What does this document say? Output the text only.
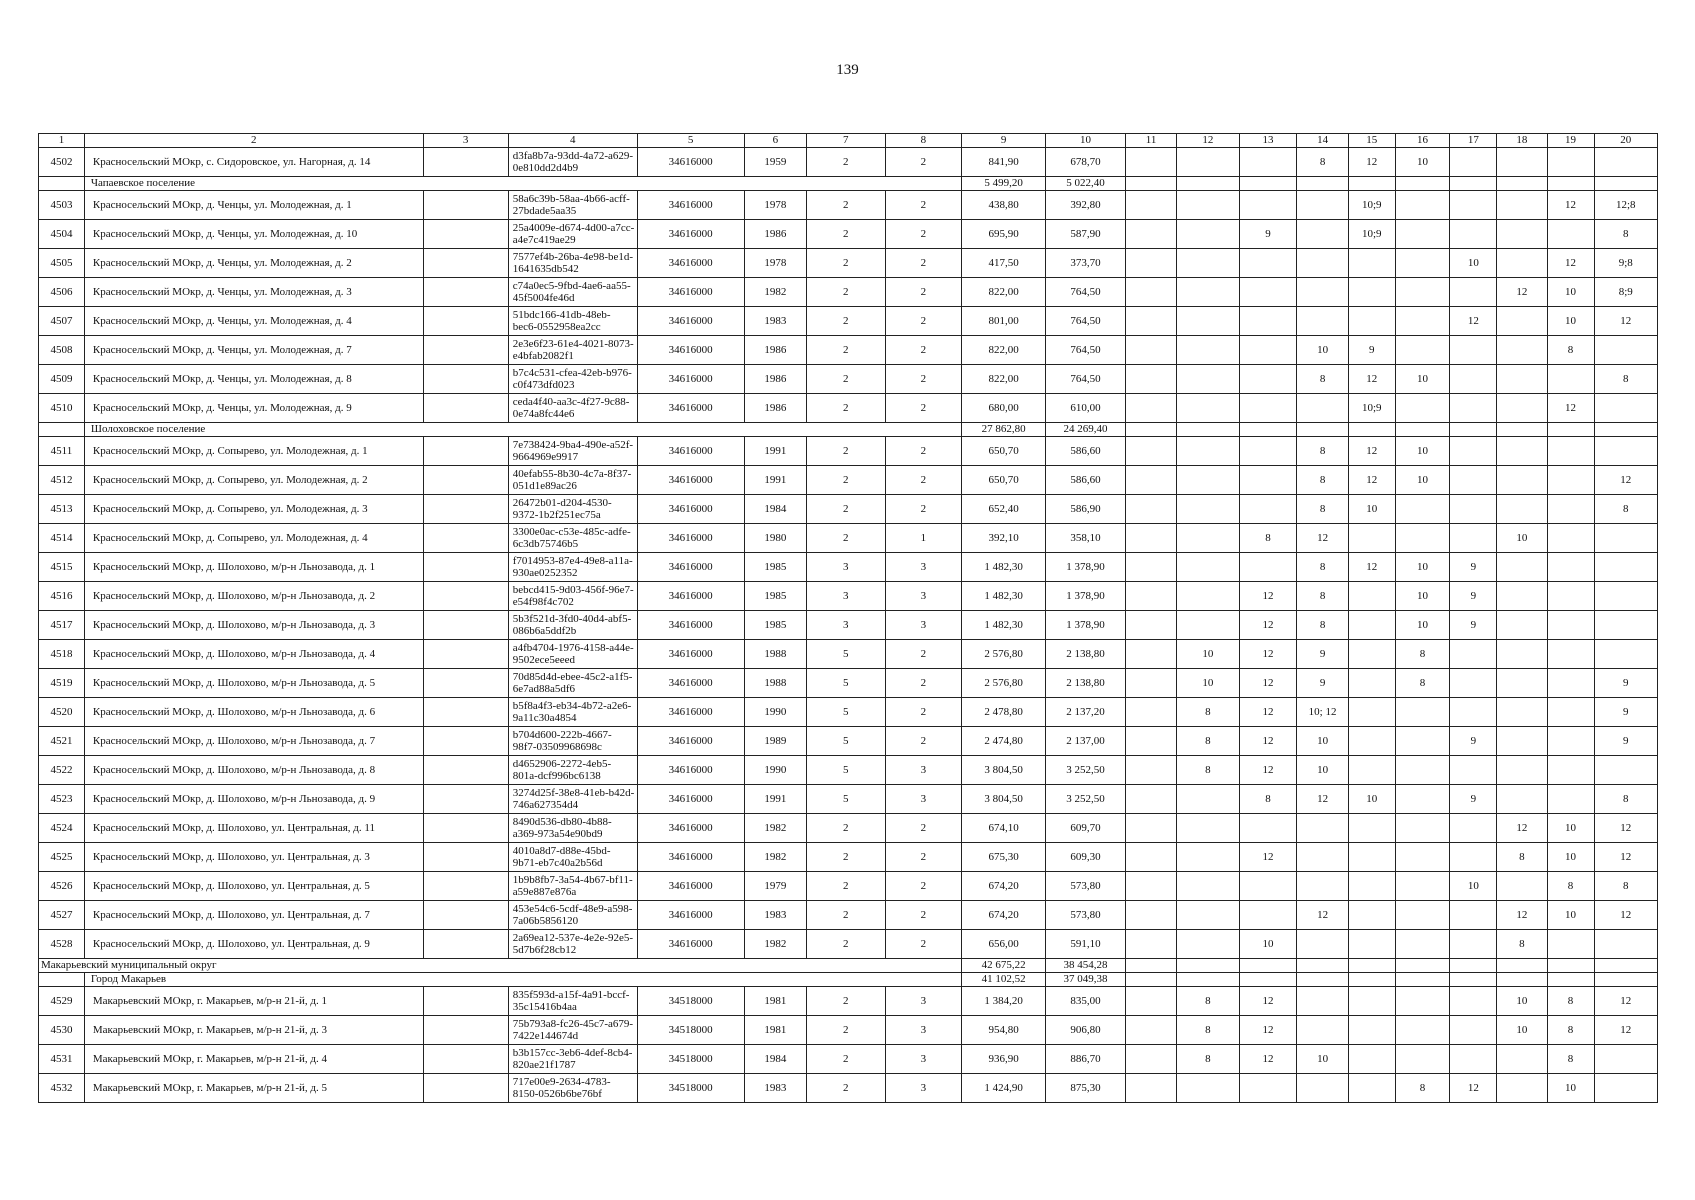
139
1	2	3	4	5	6	7	8	9	10	11	12	13	14	15	16	17	18	19	20
4502	Красносельский МОкр, с. Сидоровское, ул. Нагорная, д. 14		d3fa8b7a-93dd-4a72-a629-0e810dd2d4b9	34616000	1959	2	2	841,90	678,70				8	12	10				
	Чапаевское поселение							5 499,20	5 022,40										
4503	Красносельский МОкр, д. Ченцы, ул. Молодежная, д. 1		58a6c39b-58aa-4b66-acff-27bdade5aa35	34616000	1978	2	2	438,80	392,80					10;9				12	12;8
4504	Красносельский МОкр, д. Ченцы, ул. Молодежная, д. 10		25a4009e-d674-4d00-a7cc-a4e7c419ae29	34616000	1986	2	2	695,90	587,90			9		10;9					8
4505	Красносельский МОкр, д. Ченцы, ул. Молодежная, д. 2		7577ef4b-26ba-4e98-be1d-1641635db542	34616000	1978	2	2	417,50	373,70							10		12	9;8
4506	Красносельский МОкр, д. Ченцы, ул. Молодежная, д. 3		c74a0ec5-9fbd-4ae6-aa55-45f5004fe46d	34616000	1982	2	2	822,00	764,50								12	10	8;9
4507	Красносельский МОкр, д. Ченцы, ул. Молодежная, д. 4		51bdc166-41db-48eb-bec6-0552958ea2cc	34616000	1983	2	2	801,00	764,50							12		10	12
4508	Красносельский МОкр, д. Ченцы, ул. Молодежная, д. 7		2e3e6f23-61e4-4021-8073-e4bfab2082f1	34616000	1986	2	2	822,00	764,50				10	9				8	
4509	Красносельский МОкр, д. Ченцы, ул. Молодежная, д. 8		b7c4c531-cfea-42eb-b976-c0f473dfd023	34616000	1986	2	2	822,00	764,50				8	12	10				8
4510	Красносельский МОкр, д. Ченцы, ул. Молодежная, д. 9		ceda4f40-aa3c-4f27-9c88-0e74a8fc44e6	34616000	1986	2	2	680,00	610,00					10;9				12	
	Шолоховское поселение							27 862,80	24 269,40										
4511	Красносельский МОкр, д. Сопырево, ул. Молодежная, д. 1		7e738424-9ba4-490e-a52f-9664969e9917	34616000	1991	2	2	650,70	586,60				8	12	10				
4512	Красносельский МОкр, д. Сопырево, ул. Молодежная, д. 2		40efab55-8b30-4c7a-8f37-051d1e89ac26	34616000	1991	2	2	650,70	586,60				8	12	10				12
4513	Красносельский МОкр, д. Сопырево, ул. Молодежная, д. 3		26472b01-d204-4530-9372-1b2f251ec75a	34616000	1984	2	2	652,40	586,90				8	10					8
4514	Красносельский МОкр, д. Сопырево, ул. Молодежная, д. 4		3300e0ac-c53e-485c-adfe-6c3db75746b5	34616000	1980	2	1	392,10	358,10			8	12				10		
4515	Красносельский МОкр, д. Шолохово, м/р-н Льнозавода, д. 1		f7014953-87e4-49e8-a11a-930ae0252352	34616000	1985	3	3	1 482,30	1 378,90				8	12	10	9			
4516	Красносельский МОкр, д. Шолохово, м/р-н Льнозавода, д. 2		bebcd415-9d03-456f-96e7-e54f98f4c702	34616000	1985	3	3	1 482,30	1 378,90			12	8		10	9			
4517	Красносельский МОкр, д. Шолохово, м/р-н Льнозавода, д. 3		5b3f521d-3fd0-40d4-abf5-086b6a5ddf2b	34616000	1985	3	3	1 482,30	1 378,90			12	8		10	9			
4518	Красносельский МОкр, д. Шолохово, м/р-н Льнозавода, д. 4		a4fb4704-1976-4158-a44e-9502ece5eeed	34616000	1988	5	2	2 576,80	2 138,80		10	12	9		8				
4519	Красносельский МОкр, д. Шолохово, м/р-н Льнозавода, д. 5		70d85d4d-ebee-45c2-a1f5-6e7ad88a5df6	34616000	1988	5	2	2 576,80	2 138,80		10	12	9		8				9
4520	Красносельский МОкр, д. Шолохово, м/р-н Льнозавода, д. 6		b5f8a4f3-eb34-4b72-a2e6-9a11c30a4854	34616000	1990	5	2	2 478,80	2 137,20		8	12	10; 12						9
4521	Красносельский МОкр, д. Шолохово, м/р-н Льнозавода, д. 7		b704d600-222b-4667-98f7-03509968698c	34616000	1989	5	2	2 474,80	2 137,00		8	12	10			9			9
4522	Красносельский МОкр, д. Шолохово, м/р-н Льнозавода, д. 8		d4652906-2272-4eb5-801a-dcf996bc6138	34616000	1990	5	3	3 804,50	3 252,50		8	12	10						
4523	Красносельский МОкр, д. Шолохово, м/р-н Льнозавода, д. 9		3274d25f-38e8-41eb-b42d-746a627354d4	34616000	1991	5	3	3 804,50	3 252,50			8	12	10		9			8
4524	Красносельский МОкр, д. Шолохово, ул. Центральная, д. 11		8490d536-db80-4b88-a369-973a54e90bd9	34616000	1982	2	2	674,10	609,70								12	10	12
4525	Красносельский МОкр, д. Шолохово, ул. Центральная, д. 3		4010a8d7-d88e-45bd-9b71-eb7c40a2b56d	34616000	1982	2	2	675,30	609,30			12					8	10	12
4526	Красносельский МОкр, д. Шолохово, ул. Центральная, д. 5		1b9b8fb7-3a54-4b67-bf11-a59e887e876a	34616000	1979	2	2	674,20	573,80							10		8	8
4527	Красносельский МОкр, д. Шолохово, ул. Центральная, д. 7		453e54c6-5cdf-48e9-a598-7a06b5856120	34616000	1983	2	2	674,20	573,80				12				12	10	12
4528	Красносельский МОкр, д. Шолохово, ул. Центральная, д. 9		2a69ea12-537e-4e2e-92e5-5d7b6f28cb12	34616000	1982	2	2	656,00	591,10			10					8		
Макарьевский муниципальный округ								42 675,22	38 454,28										
	Город Макарьев							41 102,52	37 049,38										
4529	Макарьевский МОкр, г. Макарьев, м/р-н 21-й, д. 1		835f593d-a15f-4a91-bccf-35c15416b4aa	34518000	1981	2	3	1 384,20	835,00		8	12					10	8	12
4530	Макарьевский МОкр, г. Макарьев, м/р-н 21-й, д. 3		75b793a8-fc26-45c7-a679-7422e144674d	34518000	1981	2	3	954,80	906,80		8	12					10	8	12
4531	Макарьевский МОкр, г. Макарьев, м/р-н 21-й, д. 4		b3b157cc-3eb6-4def-8cb4-820ae21f1787	34518000	1984	2	3	936,90	886,70		8	12	10					8	
4532	Макарьевский МОкр, г. Макарьев, м/р-н 21-й, д. 5		717e00e9-2634-4783-8150-0526b6be76bf	34518000	1983	2	3	1 424,90	875,30						8	12		10	
